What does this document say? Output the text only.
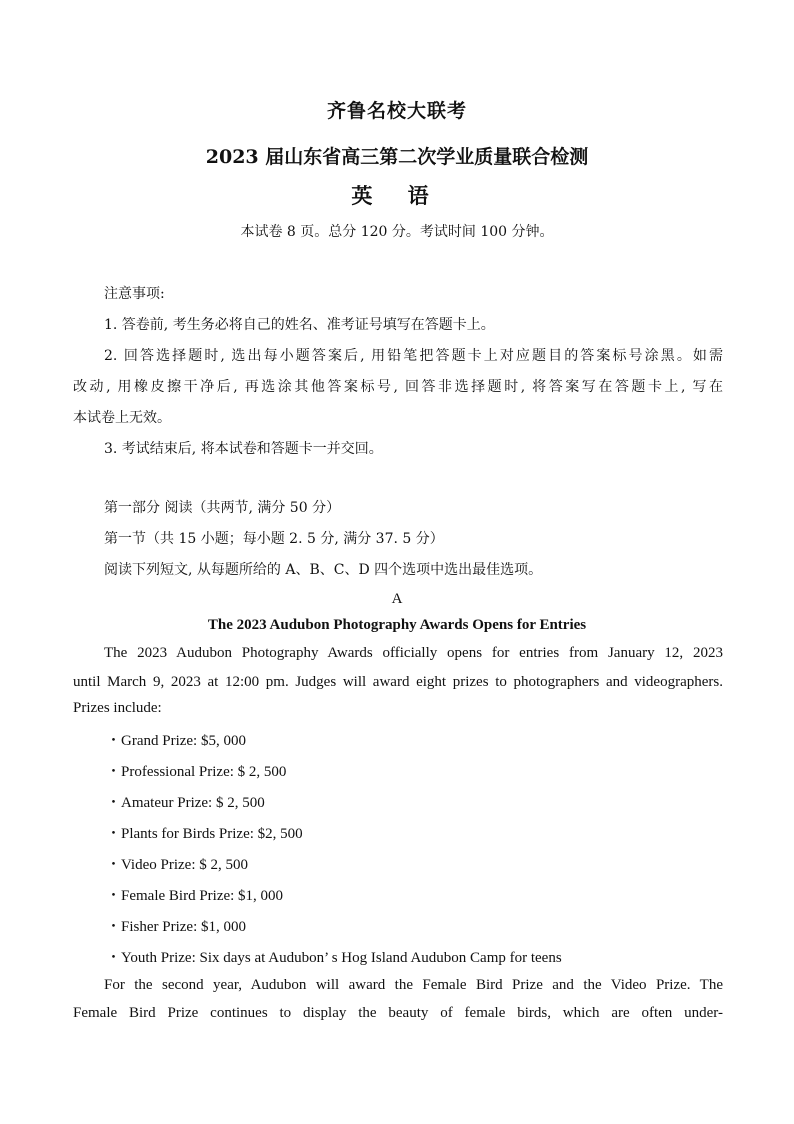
齐鲁名校大联考
2023 届山东省高三第二次学业质量联合检测
英 语
本试卷 8 页。总分 120 分。考试时间 100 分钟。
注意事项:
1. 答卷前, 考生务必将自己的姓名、准考证号填写在答题卡上。
2. 回答选择题时, 选出每小题答案后, 用铅笔把答题卡上对应题目的答案标号涂黑。如需
改动, 用橡皮擦干净后, 再选涂其他答案标号, 回答非选择题时, 将答案写在答题卡上, 写在
本试卷上无效。
3. 考试结束后, 将本试卷和答题卡一并交回。
第一部分 阅读（共两节, 满分 50 分）
第一节（共 15 小题；每小题 2. 5 分, 满分 37. 5 分）
阅读下列短文, 从每题所给的 A、B、C、D 四个选项中选出最佳选项。
A
The 2023 Audubon Photography Awards Opens for Entries
The 2023 Audubon Photography Awards officially opens for entries from January 12, 2023
until March 9, 2023 at 12:00 pm. Judges will award eight prizes to photographers and videographers.
Prizes include:
・Grand Prize: $5, 000
・Professional Prize: $ 2, 500
・Amateur Prize: $ 2, 500
・Plants for Birds Prize: $2, 500
・Video Prize: $ 2, 500
・Female Bird Prize: $1, 000
・Fisher Prize: $1, 000
・Youth Prize: Six days at Audubon’ s Hog Island Audubon Camp for teens
For the second year, Audubon will award the Female Bird Prize and the Video Prize. The
Female Bird Prize continues to display the beauty of female birds, which are often under-
